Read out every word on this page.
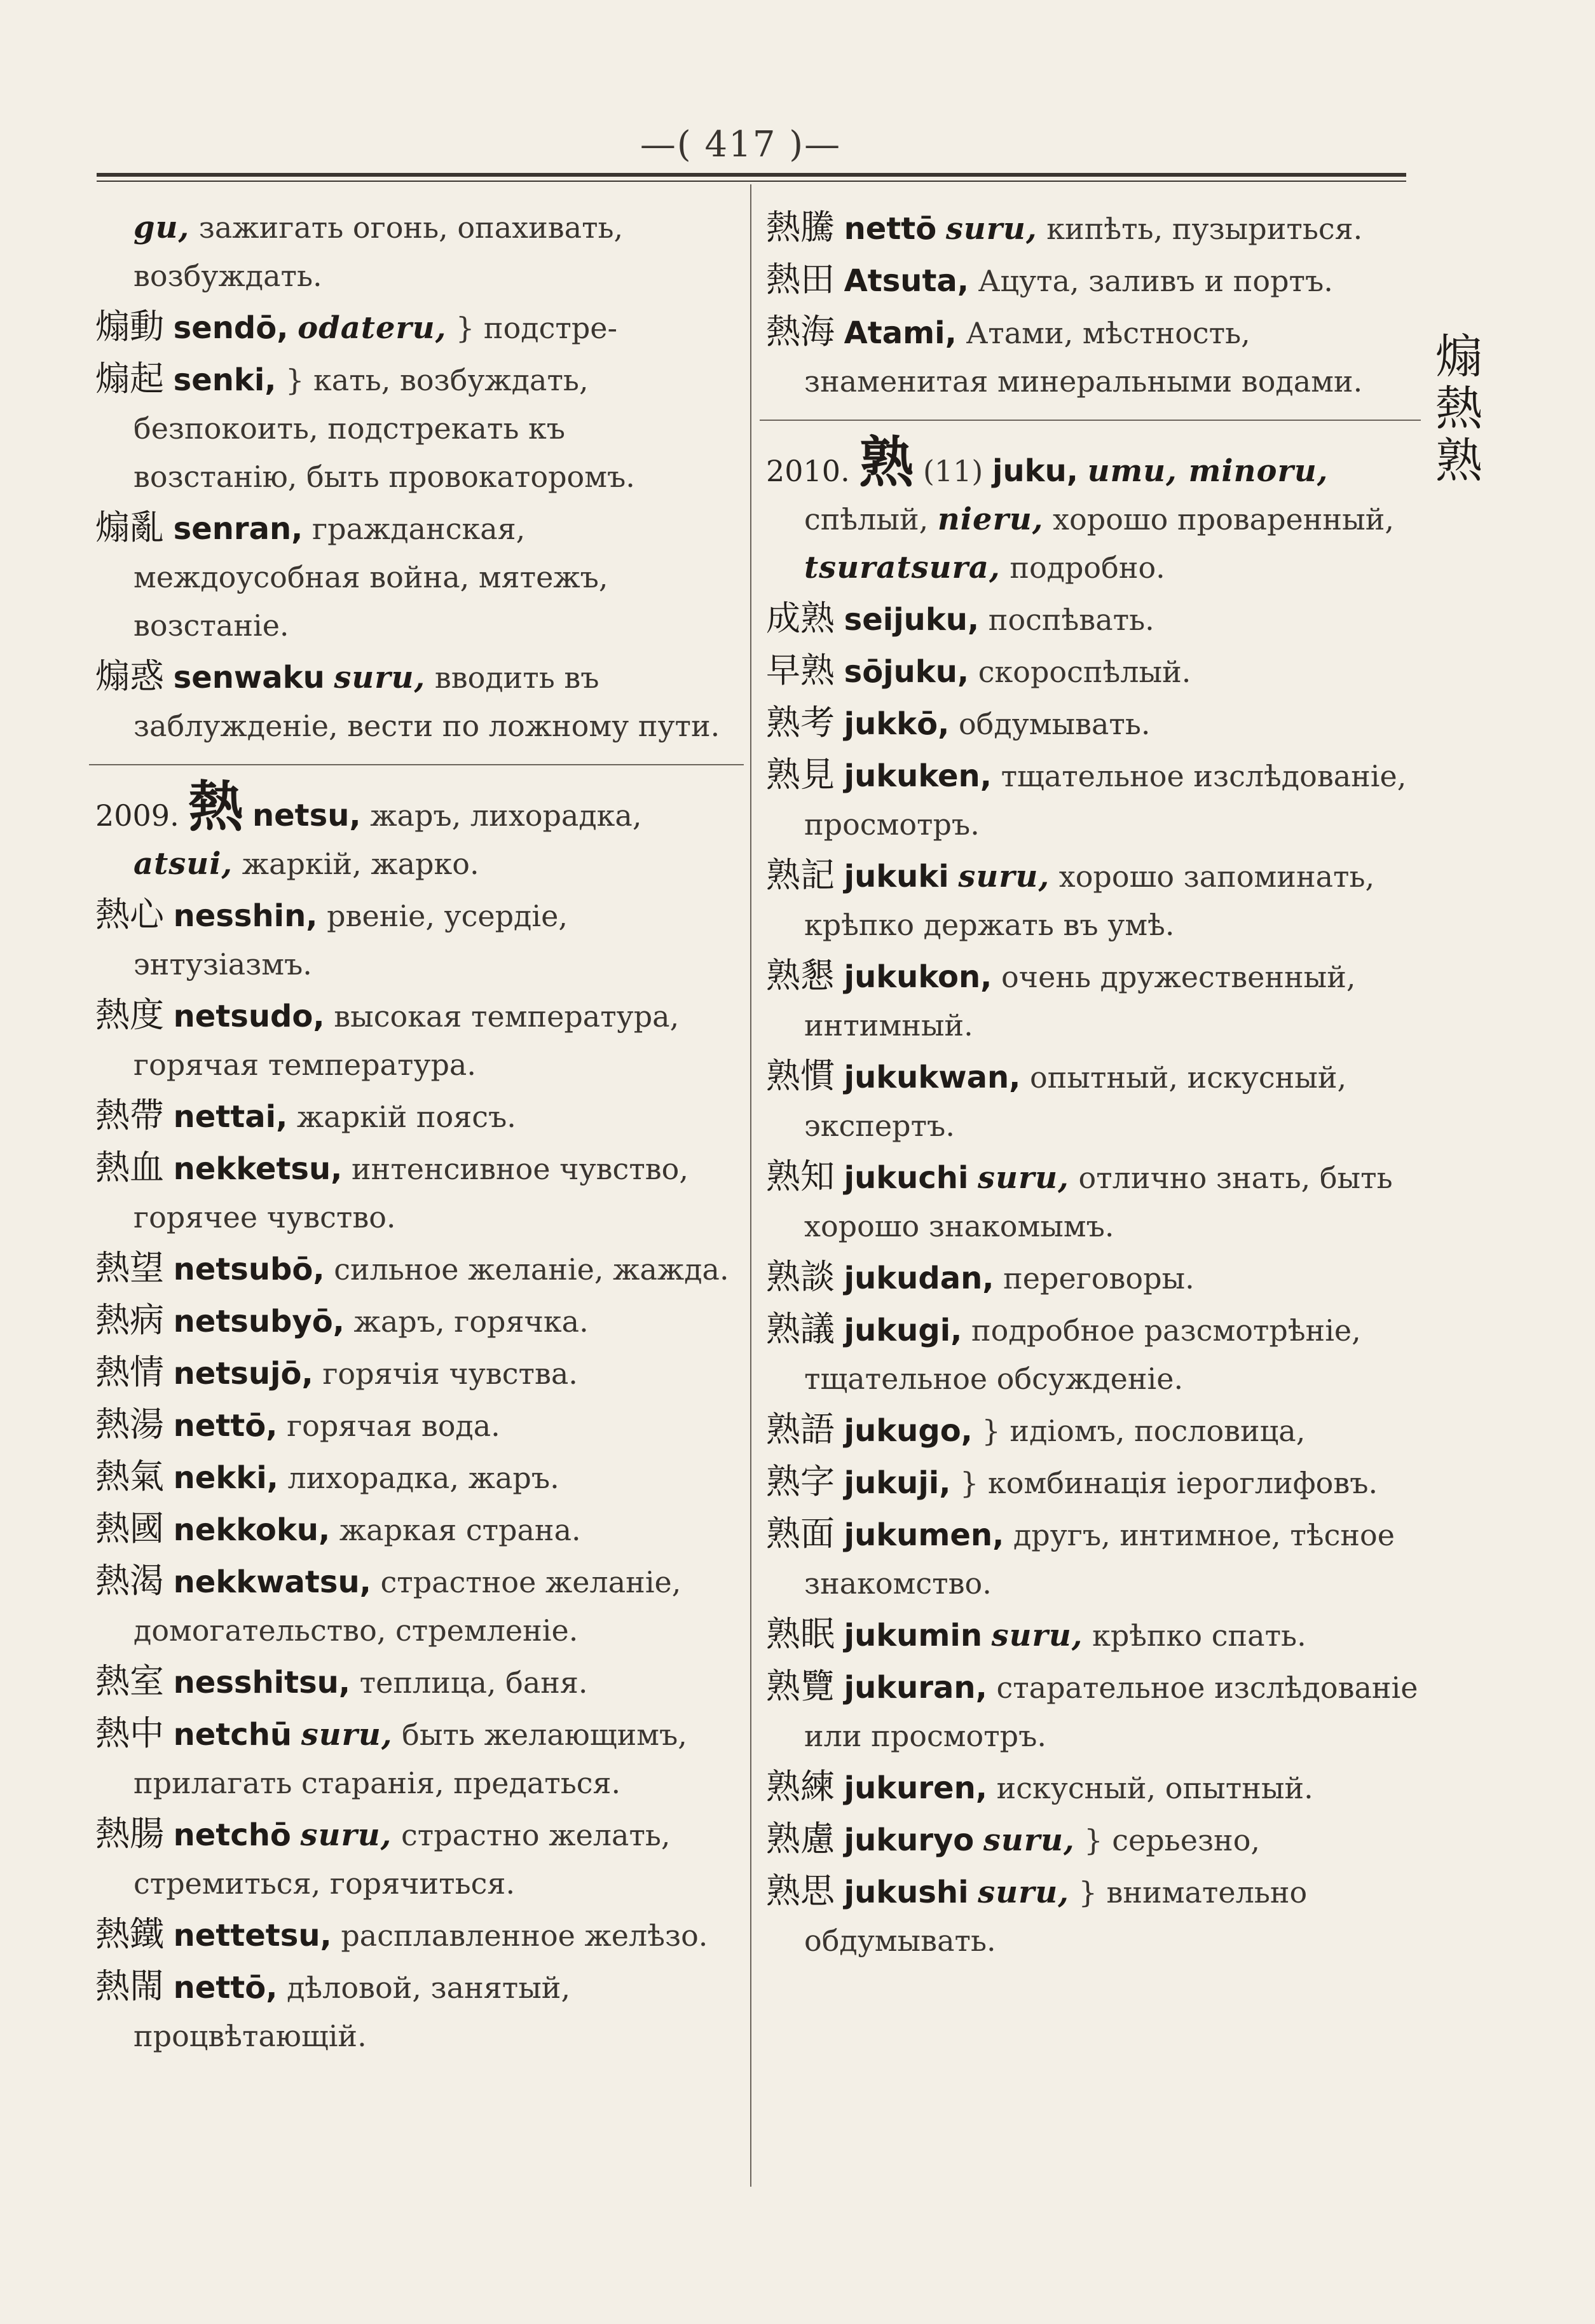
—( 417 )—
gu, зажигать огонь, опахивать, возбуждать.
煽動 sendō, odateru, } подстре-
煽起 senki, } кать, возбуждать, безпокоить, подстрекать къ возстанію, быть провокаторомъ.
煽亂 senran, гражданская, междоусобная война, мятежъ, возстаніе.
煽惑 senwaku suru, вводить въ заблужденіе, вести по ложному пути.
2009. 熱 netsu, жаръ, лихорадка, atsui, жаркій, жарко.
熱心 nesshin, рвеніе, усердіе, энтузіазмъ.
熱度 netsudo, высокая температура, горячая температура.
熱帶 nettai, жаркій поясъ.
熱血 nekketsu, интенсивное чувство, горячее чувство.
熱望 netsubō, сильное желаніе, жажда.
熱病 netsubyō, жаръ, горячка.
熱情 netsujō, горячія чувства.
熱湯 nettō, горячая вода.
熱氣 nekki, лихорадка, жаръ.
熱國 nekkoku, жаркая страна.
熱渴 nekkwatsu, страстное желаніе, домогательство, стремленіе.
熱室 nesshitsu, теплица, баня.
熱中 netchū suru, быть желающимъ, прилагать старанія, предаться.
熱腸 netchō suru, страстно желать, стремиться, горячиться.
熱鐵 nettetsu, расплавленное желѣзо.
熱閙 nettō, дѣловой, занятый, процвѣтающій.
熱騰 nettō suru, кипѣть, пузыриться.
熱田 Atsuta, Ацута, заливъ и портъ.
熱海 Atami, Атами, мѣстность, знаменитая минеральными водами.
2010. 熟 (11) juku, umu, minoru, спѣлый, nieru, хорошо проваренный, tsuratsura, подробно.
成熟 seijuku, поспѣвать.
早熟 sōjuku, скороспѣлый.
熟考 jukkō, обдумывать.
熟見 jukuken, тщательное изслѣдованіе, просмотръ.
熟記 jukuki suru, хорошо запоминать, крѣпко держать въ умѣ.
熟懇 jukukon, очень дружественный, интимный.
熟慣 jukukwan, опытный, искусный, экспертъ.
熟知 jukuchi suru, отлично знать, быть хорошо знакомымъ.
熟談 jukudan, переговоры.
熟議 jukugi, подробное разсмотрѣніе, тщательное обсужденіе.
熟語 jukugo, } идіомъ, пословица,
熟字 jukuji, } комбинація іероглифовъ.
熟面 jukumen, другъ, интимное, тѣсное знакомство.
熟眠 jukumin suru, крѣпко спать.
熟覽 jukuran, старательное изслѣдованіе или просмотръ.
熟練 jukuren, искусный, опытный.
熟慮 jukuryo suru, } серьезно,
熟思 jukushi suru, } внимательно обдумывать.
煽
熱
熟
